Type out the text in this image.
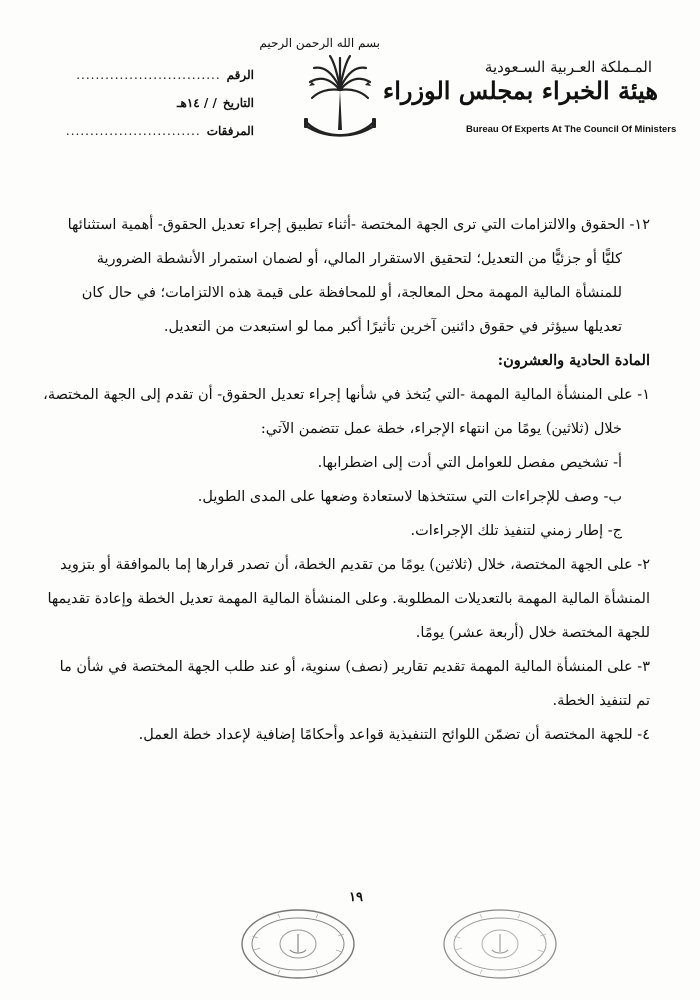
المـملكة العـربية السـعودية
هيئة الخبراء بمجلس الوزراء
Bureau Of Experts At The Council Of Ministers
بسم الله الرحمن الرحيم
الرقم
..............................
التاريخ
/ / ١٤هـ
المرفقات
............................
١٢- الحقوق والالتزامات التي ترى الجهة المختصة -أثناء تطبيق إجراء تعديل الحقوق- أهمية استثنائها
كليًّا أو جزئيًّا من التعديل؛ لتحقيق الاستقرار المالي، أو لضمان استمرار الأنشطة الضرورية
للمنشأة المالية المهمة محل المعالجة، أو للمحافظة على قيمة هذه الالتزامات؛ في حال كان
تعديلها سيؤثر في حقوق دائنين آخرين تأثيرًا أكبر مما لو استبعدت من التعديل.
المادة الحادية والعشرون:
١- على المنشأة المالية المهمة -التي يُتخذ في شأنها إجراء تعديل الحقوق- أن تقدم إلى الجهة المختصة،
خلال (ثلاثين) يومًا من انتهاء الإجراء، خطة عمل تتضمن الآتي:
أ- تشخيص مفصل للعوامل التي أدت إلى اضطرابها.
ب- وصف للإجراءات التي ستتخذها لاستعادة وضعها على المدى الطويل.
ج- إطار زمني لتنفيذ تلك الإجراءات.
٢- على الجهة المختصة، خلال (ثلاثين) يومًا من تقديم الخطة، أن تصدر قرارها إما بالموافقة أو بتزويد
المنشأة المالية المهمة بالتعديلات المطلوبة. وعلى المنشأة المالية المهمة تعديل الخطة وإعادة تقديمها
للجهة المختصة خلال (أربعة عشر) يومًا.
٣- على المنشأة المالية المهمة تقديم تقارير (نصف) سنوية، أو عند طلب الجهة المختصة في شأن ما
تم لتنفيذ الخطة.
٤- للجهة المختصة أن تضمّن اللوائح التنفيذية قواعد وأحكامًا إضافية لإعداد خطة العمل.
١٩
